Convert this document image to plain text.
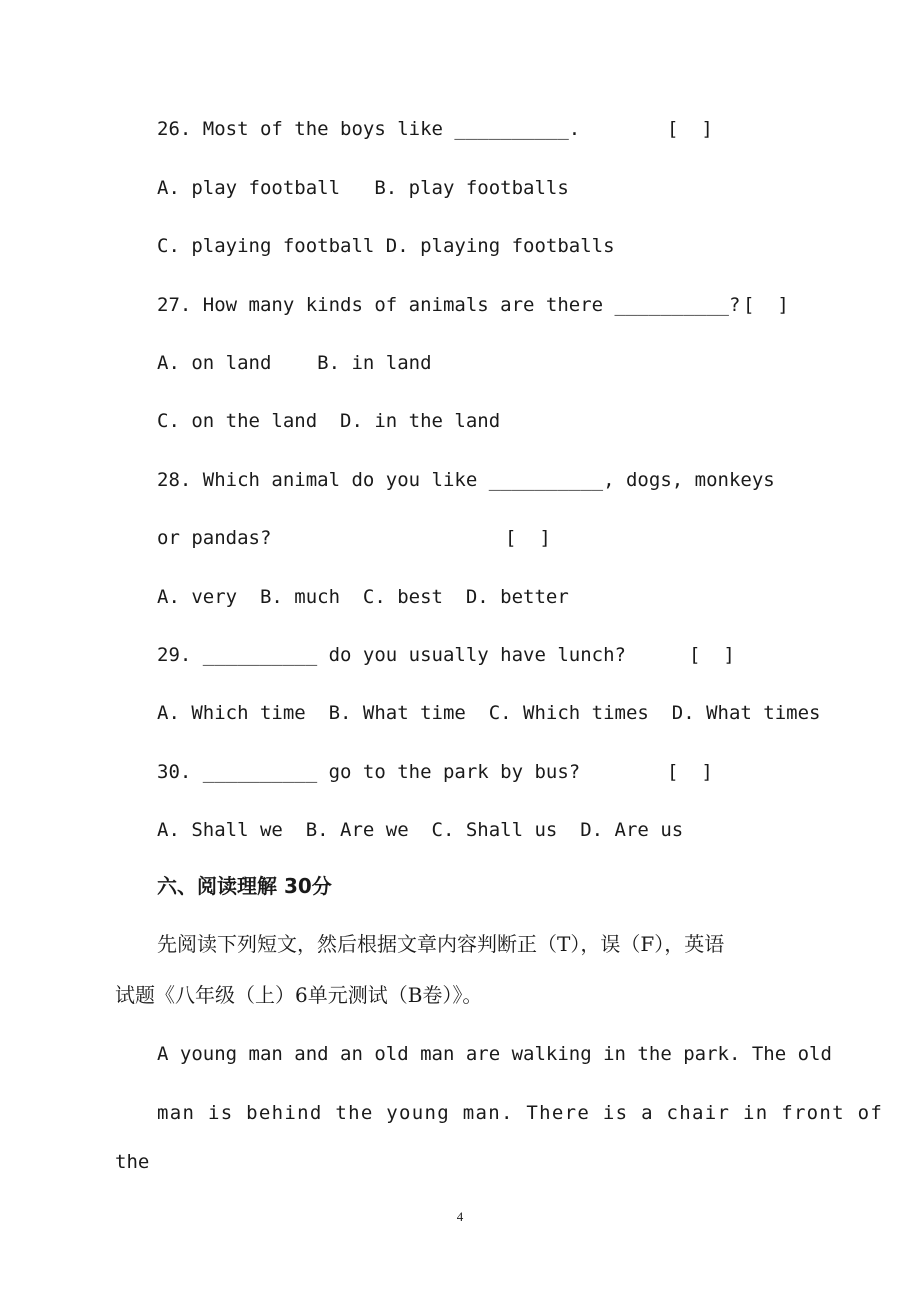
26. Most of the boys like __________.	[  ]
A. play football   B. play footballs
C. playing football D. playing footballs
27. How many kinds of animals are there __________? [  ]
A. on land    B. in land
C. on the land  D. in the land
28. Which animal do you like __________, dogs, monkeys
or pandas?	[  ]
A. very  B. much  C. best  D. better
29. __________ do you usually have lunch?	[  ]
A. Which time  B. What time  C. Which times  D. What times
30. __________ go to the park by bus?	[  ]
A. Shall we  B. Are we  C. Shall us  D. Are us
六、阅读理解 30分
先阅读下列短文，然后根据文章内容判断正（T），误（F），英语
试题《八年级（上）6单元测试（B卷）》。
A young man and an old man are walking in the park. The old
man is behind the young man. There is a chair in front of
the
4
